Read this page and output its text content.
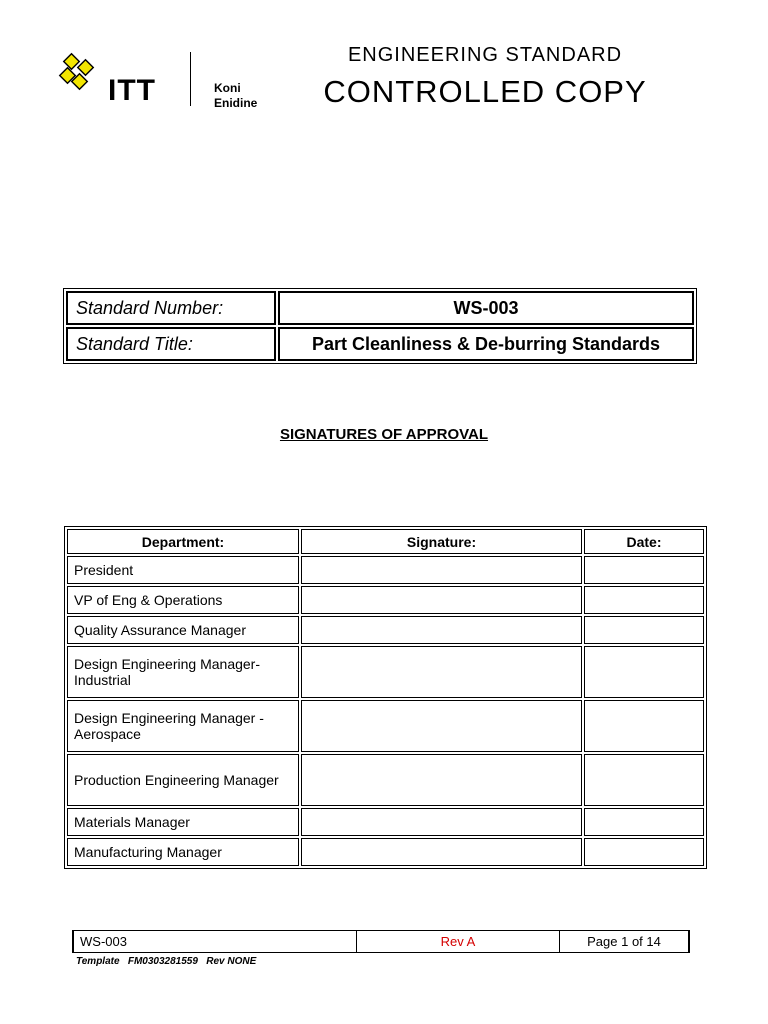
ITT	Koni
Enidine
ENGINEERING STANDARD
CONTROLLED COPY
Standard Number:	WS-003
Standard Title:	Part Cleanliness & De-burring Standards
SIGNATURES OF APPROVAL
Department:	Signature:	Date:
President		
VP of Eng & Operations		
Quality Assurance Manager		
Design Engineering Manager- Industrial		
Design Engineering Manager - Aerospace		
Production Engineering Manager		
Materials Manager		
Manufacturing Manager		
WS-003	Rev A	Page 1 of 14
Template   FM0303281559   Rev NONE
